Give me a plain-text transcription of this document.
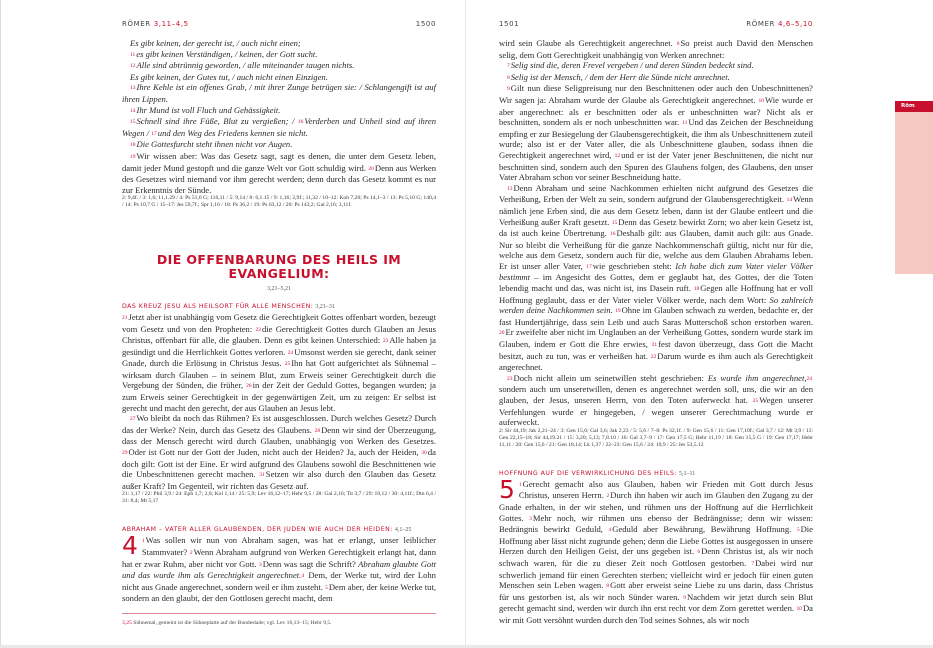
RÖMER 3,11–4,5	1500

Es gibt keinen, der gerecht ist, / auch nicht einen;

11es gibt keinen Verständigen, / keinen, der Gott sucht.

12Alle sind abtrünnig geworden, / alle miteinander taugen nichts.

Es gibt keinen, der Gutes tut, / auch nicht einen Einzigen.

13Ihre Kehle ist ein offenes Grab, / mit ihrer Zunge betrügen sie: / Schlangengift ist auf ihren Lippen.

14Ihr Mund ist voll Fluch und Gehässigkeit.

15Schnell sind ihre Füße, Blut zu vergießen; / 16Verderben und Unheil sind auf ihren Wegen / 17und den Weg des Friedens kennen sie nicht.

18Die Gottesfurcht steht ihnen nicht vor Augen.

19Wir wissen aber: Was das Gesetz sagt, sagt es denen, die unter dem Gesetz leben, damit jeder Mund gestopft und die ganze Welt vor Gott schuldig wird. 20Denn aus Werken des Gesetzes wird niemand vor ihm gerecht werden; denn durch das Gesetz kommt es nur zur Erkenntnis der Sünde.

2: 9,4f. / 3: 1,6; 11,1.29 / 4: Ps 51,6 G; 116,11 / 5: 9,14 / 8: 6,1.15 / 9: 1,16; 2,9f.; 11,32 / 10–12: Koh 7,20; Ps 14,1–3 / 13: Ps 5,10 G; 140,4 / 14: Ps 10,7 G / 15–17: Jes 59,7f.; Spr 1,16 / 18: Ps 36,2 / 19: Ps 63,12 / 20: Ps 143,2; Gal 2,16; 3,11f.

DIE OFFENBARUNG DES HEILS IM EVANGELIUM:
3,21–5,21
DAS KREUZ JESU ALS HEILSORT FÜR ALLE MENSCHEN: 3,21–31

21Jetzt aber ist unabhängig vom Gesetz die Gerechtigkeit Gottes offenbart worden, bezeugt vom Gesetz und von den Propheten: 22die Gerechtigkeit Gottes durch Glauben an Jesus Christus, offenbart für alle, die glauben. Denn es gibt keinen Unterschied: 23Alle haben ja gesündigt und die Herrlichkeit Gottes verloren. 24Umsonst werden sie gerecht, dank seiner Gnade, durch die Erlösung in Christus Jesus. 25Ihn hat Gott aufgerichtet als Sühnemal – wirksam durch Glauben – in seinem Blut, zum Erweis seiner Gerechtigkeit durch die Vergebung der Sünden, die früher, 26in der Zeit der Geduld Gottes, begangen wurden; ja zum Erweis seiner Gerechtigkeit in der gegenwärtigen Zeit, um zu zeigen: Er selbst ist gerecht und macht den gerecht, der aus Glauben an Jesus lebt.

27Wo bleibt da noch das Rühmen? Es ist ausgeschlossen. Durch welches Gesetz? Durch das der Werke? Nein, durch das Gesetz des Glaubens. 28Denn wir sind der Überzeugung, dass der Mensch gerecht wird durch Glauben, unabhängig von Werken des Gesetzes. 29Oder ist Gott nur der Gott der Juden, nicht auch der Heiden? Ja, auch der Heiden, 30da doch gilt: Gott ist der Eine. Er wird aufgrund des Glaubens sowohl die Beschnittenen wie die Unbeschnittenen gerecht machen. 31Setzen wir also durch den Glauben das Gesetz außer Kraft? Im Gegenteil, wir richten das Gesetz auf.

21: 1,17 / 22: Phil 3,9 / 24: Eph 1,7; 2,8; Kol 1,14 / 25: 5,9; Lev 16,12–17; Hebr 9,5 / 28: Gal 2,16; Tit 3,7 / 29: 10,12 / 30: 4,11f.; Dtn 6,4 / 31: 8,4; Mt 5,17

ABRAHAM – VATER ALLER GLAUBENDEN, DER JUDEN WIE AUCH DER HEIDEN: 4,1–25

4 1Was sollen wir nun von Abraham sagen, was hat er erlangt, unser leiblicher Stammvater? 2Wenn Abraham aufgrund von Werken Gerechtigkeit erlangt hat, dann hat er zwar Ruhm, aber nicht vor Gott. 3Denn was sagt die Schrift? Abraham glaubte Gott und das wurde ihm als Gerechtigkeit angerechnet.4 Dem, der Werke tut, wird der Lohn nicht aus Gnade angerechnet, sondern weil er ihm zusteht. 5Dem aber, der keine Werke tut, sondern an den glaubt, der den Gottlosen gerecht macht, dem

3,25 Sühnemal, gemeint ist die Sühneplatte auf der Bundeslade; vgl. Lev 16,13–15; Hebr 9,5.

1501	RÖMER 4,6–5,10

wird sein Glaube als Gerechtigkeit angerechnet. 6So preist auch David den Menschen selig, dem Gott Gerechtigkeit unabhängig von Werken anrechnet:

7Selig sind die, deren Frevel vergeben / und deren Sünden bedeckt sind.

8Selig ist der Mensch, / dem der Herr die Sünde nicht anrechnet.

9Gilt nun diese Seligpreisung nur den Beschnittenen oder auch den Unbeschnittenen? Wir sagen ja: Abraham wurde der Glaube als Gerechtigkeit angerechnet. 10Wie wurde er aber angerechnet: als er beschnitten oder als er unbeschnitten war? Nicht als er beschnitten, sondern als er noch unbeschnitten war. 11Und das Zeichen der Beschneidung empfing er zur Besiegelung der Glaubensgerechtigkeit, die ihm als Unbeschnittenem zuteil wurde; also ist er der Vater aller, die als Unbeschnittene glauben, sodass ihnen die Gerechtigkeit angerechnet wird, 12und er ist der Vater jener Beschnittenen, die nicht nur beschnitten sind, sondern auch den Spuren des Glaubens folgen, des Glaubens, den unser Vater Abraham schon vor seiner Beschneidung hatte.

13Denn Abraham und seine Nachkommen erhielten nicht aufgrund des Gesetzes die Verheißung, Erben der Welt zu sein, sondern aufgrund der Glaubensgerechtigkeit. 14Wenn nämlich jene Erben sind, die aus dem Gesetz leben, dann ist der Glaube entleert und die Verheißung außer Kraft gesetzt. 15Denn das Gesetz bewirkt Zorn; wo aber kein Gesetz ist, da ist auch keine Übertretung. 16Deshalb gilt: aus Glauben, damit auch gilt: aus Gnade. Nur so bleibt die Verheißung für die ganze Nachkommenschaft gültig, nicht nur für die, welche aus dem Gesetz, sondern auch für die, welche aus dem Glauben Abrahams leben. Er ist unser aller Vater, 17wie geschrieben steht: Ich habe dich zum Vater vieler Völker bestimmt – im Angesicht des Gottes, dem er geglaubt hat, des Gottes, der die Toten lebendig macht und das, was nicht ist, ins Dasein ruft. 18Gegen alle Hoffnung hat er voll Hoffnung geglaubt, dass er der Vater vieler Völker werde, nach dem Wort: So zahlreich werden deine Nachkommen sein. 19Ohne im Glauben schwach zu werden, bedachte er, der fast Hundertjährige, dass sein Leib und auch Saras Mutterschoß schon erstorben waren. 20Er zweifelte aber nicht im Unglauben an der Verheißung Gottes, sondern wurde stark im Glauben, indem er Gott die Ehre erwies, 21fest davon überzeugt, dass Gott die Macht besitzt, auch zu tun, was er verheißen hat. 22Darum wurde es ihm auch als Gerechtigkeit angerechnet.

23Doch nicht allein um seinetwillen steht geschrieben: Es wurde ihm angerechnet,24 sondern auch um unseretwillen, denen es angerechnet werden soll, uns, die wir an den glauben, der Jesus, unseren Herrn, von den Toten auferweckt hat. 25Wegen unserer Verfehlungen wurde er hingegeben, / wegen unserer Gerechtmachung wurde er auferweckt.

2: Sir 44,19; Jak 2,21–24 / 3: Gen 15,6; Gal 3,6; Jak 2,23 / 5: 5,6 / 7–8: Ps 32,1f. / 9: Gen 15,6 / 11: Gen 17,10f.; Gal 3,7 / 12: Mt 3,9 / 13: Gen 22,15–18; Sir 44,19.21 / 15: 3,20; 5,13; 7,8.10 / 16: Gal 3,7–9 / 17: Gen 17,5 G; Hebr 11,19 / 18: Gen 15,5 G / 19: Gen 17,17; Hebr 11,11 / 20: Gen 15,6 / 21: Gen 18,14; Lk 1,37 / 22–23: Gen 15,6 / 24: 10,9 / 25: Jes 53,5.12

HOFFNUNG AUF DIE VERWIRKLICHUNG DES HEILS: 5,1–11

5 1Gerecht gemacht also aus Glauben, haben wir Frieden mit Gott durch Jesus Christus, unseren Herrn. 2Durch ihn haben wir auch im Glauben den Zugang zu der Gnade erhalten, in der wir stehen, und rühmen uns der Hoffnung auf die Herrlichkeit Gottes. 3Mehr noch, wir rühmen uns ebenso der Bedrängnisse; denn wir wissen: Bedrängnis bewirkt Geduld, 4Geduld aber Bewährung, Bewährung Hoffnung. 5Die Hoffnung aber lässt nicht zugrunde gehen; denn die Liebe Gottes ist ausgegossen in unsere Herzen durch den Heiligen Geist, der uns gegeben ist. 6Denn Christus ist, als wir noch schwach waren, für die zu dieser Zeit noch Gottlosen gestorben. 7Dabei wird nur schwerlich jemand für einen Gerechten sterben; vielleicht wird er jedoch für einen guten Menschen sein Leben wagen. 8Gott aber erweist seine Liebe zu uns darin, dass Christus für uns gestorben ist, als wir noch Sünder waren. 9Nachdem wir jetzt durch sein Blut gerecht gemacht sind, werden wir durch ihn erst recht vor dem Zorn gerettet werden. 10Da wir mit Gott versöhnt wurden durch den Tod seines Sohnes, als wir noch

Röm
